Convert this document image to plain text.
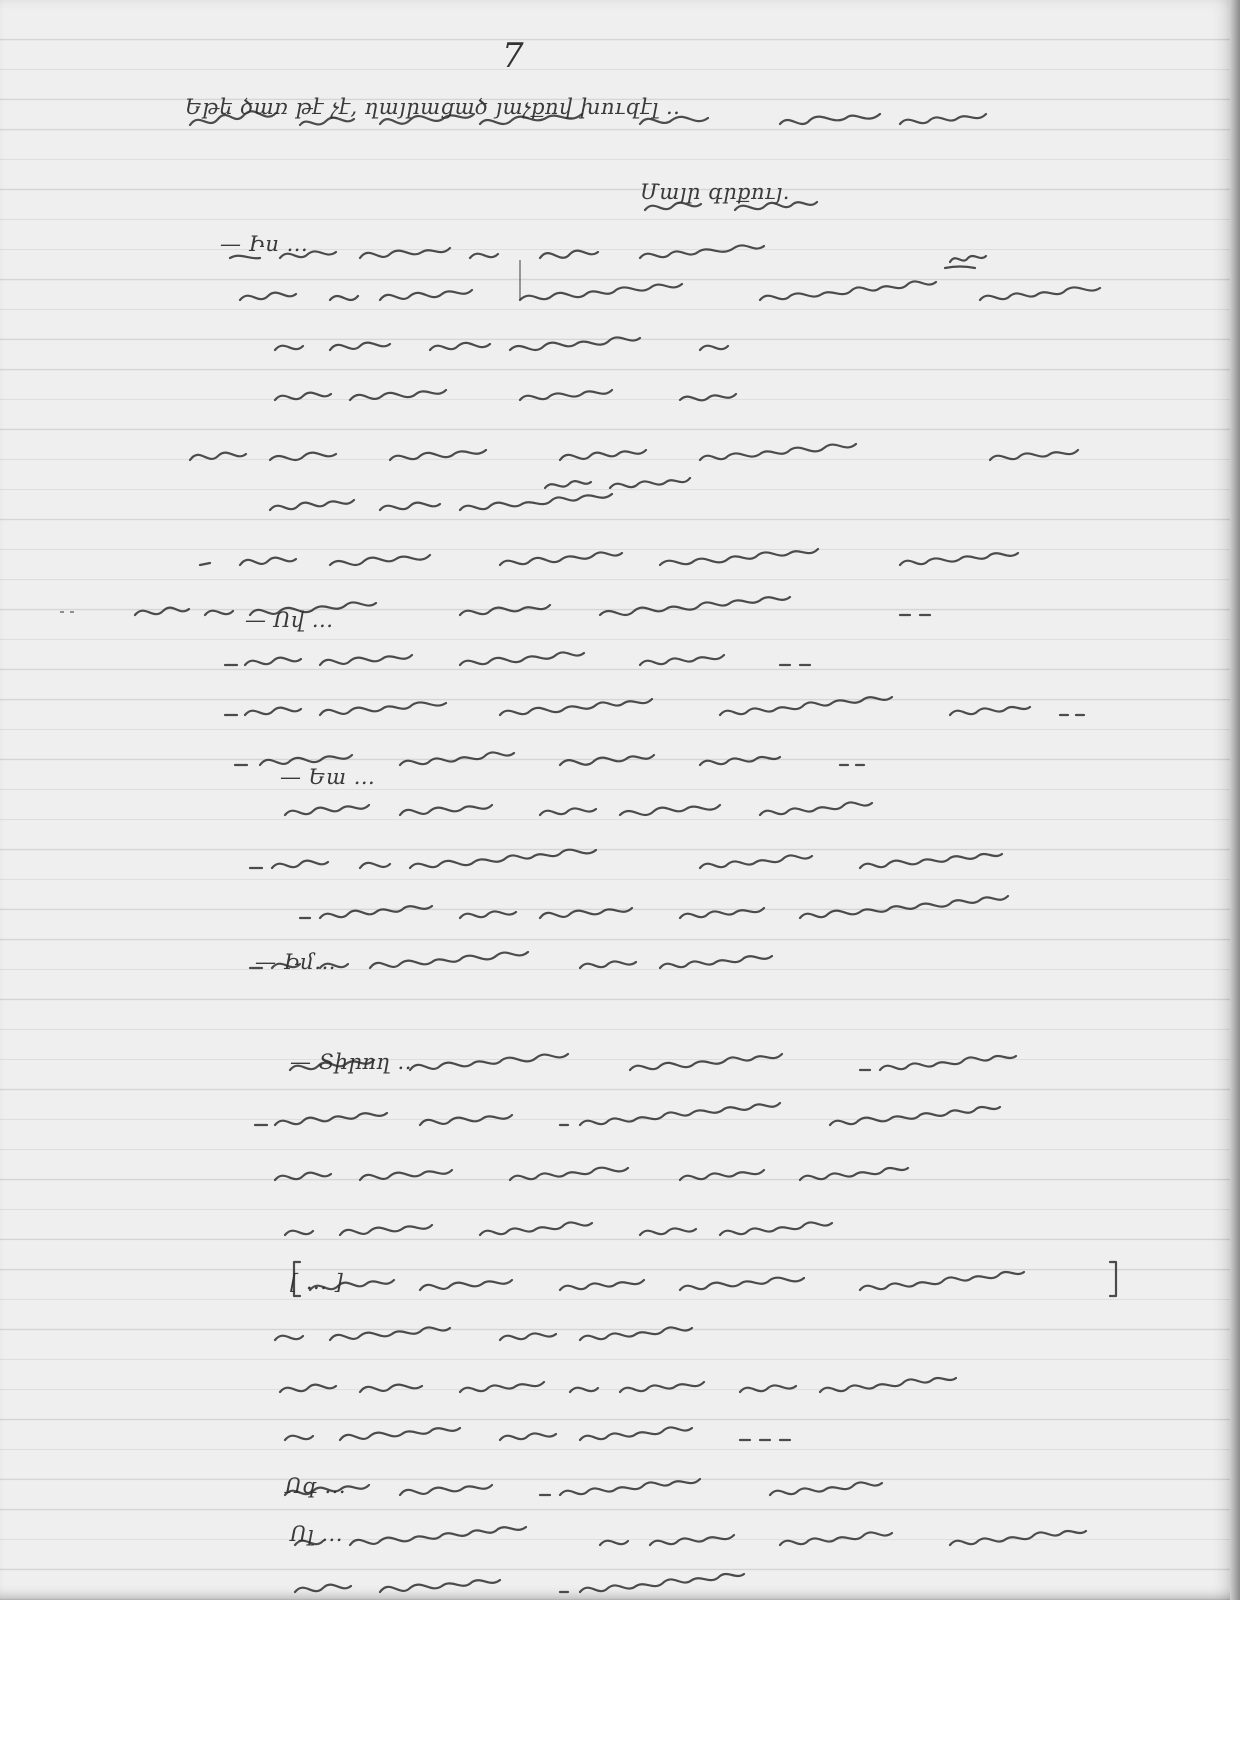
7
Եթե ծառ թէ չէ, ղայրացած յաչքով խուզէլ ..
Մայր գրքույ.
— Իս ...
— Ով ...
— Եա ...
— Իմ...
— Տիրող ..
[ ... ]
Ոգ ...
Ոլ ...
